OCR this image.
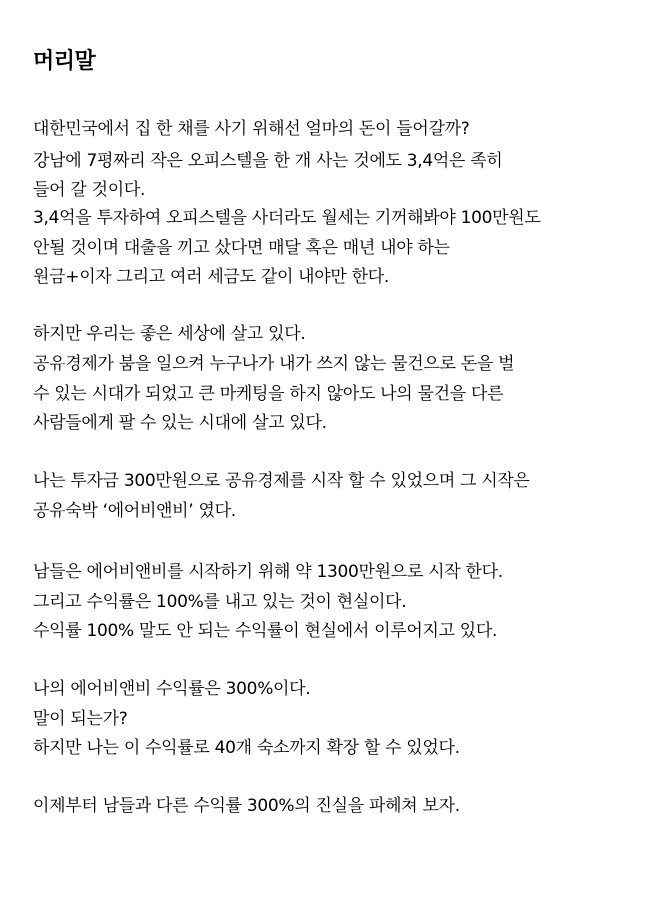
머리말
대한민국에서 집 한 채를 사기 위해선 얼마의 돈이 들어갈까?
강남에 7평짜리 작은 오피스텔을 한 개 사는 것에도 3,4억은 족히
들어 갈 것이다.
3,4억을 투자하여 오피스텔을 사더라도 월세는 기꺼해봐야 100만원도
안될 것이며 대출을 끼고 샀다면 매달 혹은 매년 내야 하는
원금+이자 그리고 여러 세금도 같이 내야만 한다.
하지만 우리는 좋은 세상에 살고 있다.
공유경제가 붐을 일으켜 누구나가 내가 쓰지 않는 물건으로 돈을 벌
수 있는 시대가 되었고 큰 마케팅을 하지 않아도 나의 물건을 다른
사람들에게 팔 수 있는 시대에 살고 있다.
나는 투자금 300만원으로 공유경제를 시작 할 수 있었으며 그 시작은
공유숙박 ‘에어비앤비’ 였다.
남들은 에어비앤비를 시작하기 위해 약 1300만원으로 시작 한다.
그리고 수익률은 100%를 내고 있는 것이 현실이다.
수익률 100% 말도 안 되는 수익률이 현실에서 이루어지고 있다.
나의 에어비앤비 수익률은 300%이다.
말이 되는가?
하지만 나는 이 수익률로 40개 숙소까지 확장 할 수 있었다.
이제부터 남들과 다른 수익률 300%의 진실을 파헤쳐 보자.
